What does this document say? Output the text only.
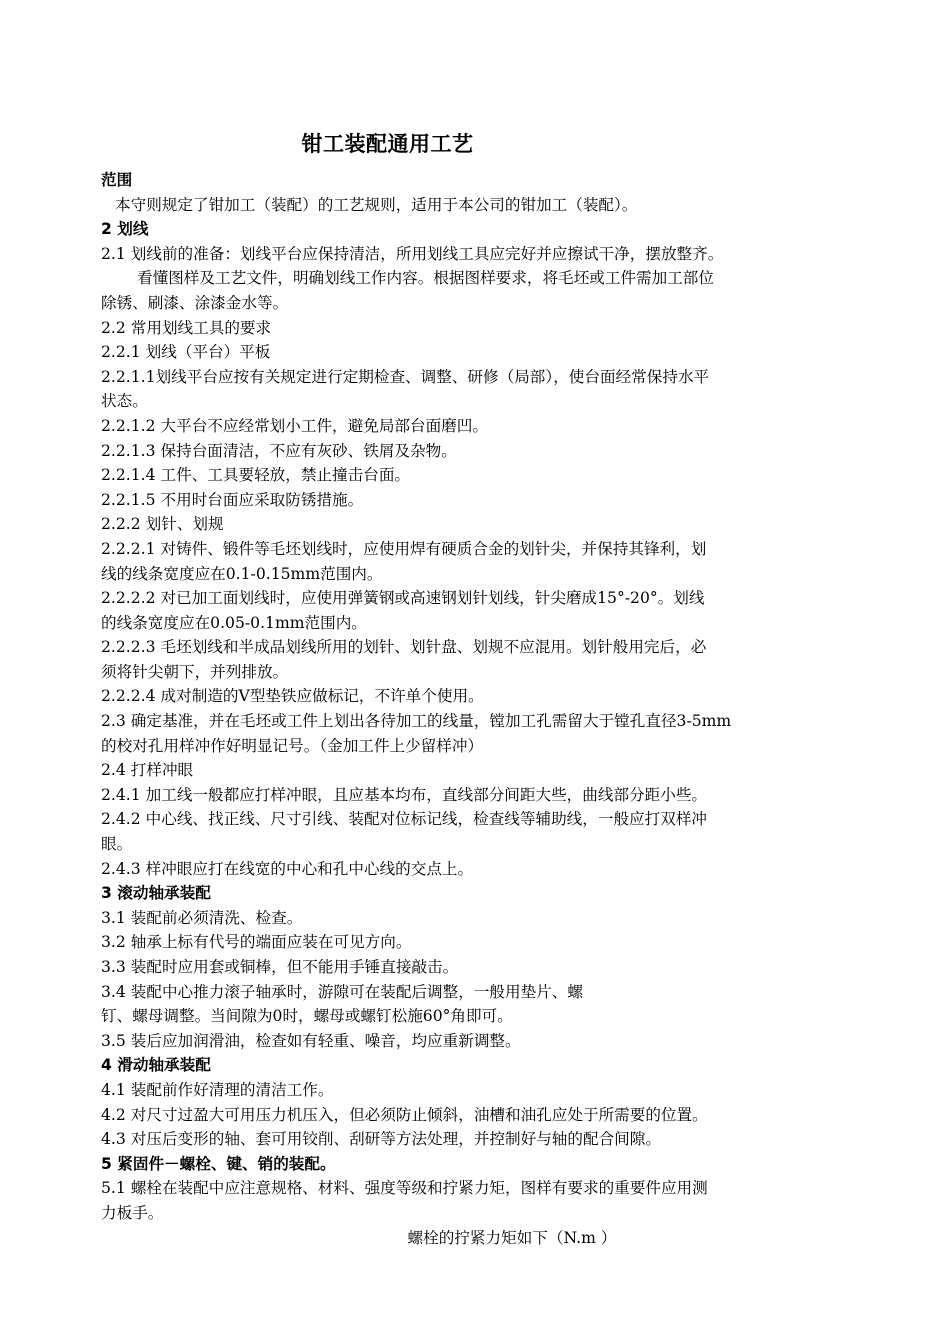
钳工装配通用工艺
范围
本守则规定了钳加工（装配）的工艺规则，适用于本公司的钳加工（装配）。
2 划线
2.1 划线前的准备：划线平台应保持清洁，所用划线工具应完好并应擦试干净，摆放整齐。
看懂图样及工艺文件，明确划线工作内容。根据图样要求，将毛坯或工件需加工部位
除锈、刷漆、涂漆金水等。
2.2 常用划线工具的要求
2.2.1 划线（平台）平板
2.2.1.1划线平台应按有关规定进行定期检查、调整、研修（局部），使台面经常保持水平
状态。
2.2.1.2 大平台不应经常划小工件，避免局部台面磨凹。
2.2.1.3 保持台面清洁，不应有灰砂、铁屑及杂物。
2.2.1.4 工件、工具要轻放，禁止撞击台面。
2.2.1.5 不用时台面应采取防锈措施。
2.2.2 划针、划规
2.2.2.1 对铸件、锻件等毛坯划线时，应使用焊有硬质合金的划针尖，并保持其锋利，划
线的线条宽度应在0.1-0.15mm范围内。
2.2.2.2 对已加工面划线时，应使用弹簧钢或高速钢划针划线，针尖磨成15°-20°。划线
的线条宽度应在0.05-0.1mm范围内。
2.2.2.3 毛坯划线和半成品划线所用的划针、划针盘、划规不应混用。划针般用完后，必
须将针尖朝下，并列排放。
2.2.2.4 成对制造的V型垫铁应做标记，不许单个使用。
2.3 确定基准，并在毛坯或工件上划出各待加工的线量，镗加工孔需留大于镗孔直径3-5mm
的校对孔用样冲作好明显记号。（金加工件上少留样冲）
2.4 打样冲眼
2.4.1 加工线一般都应打样冲眼，且应基本均布，直线部分间距大些，曲线部分距小些。
2.4.2 中心线、找正线、尺寸引线、装配对位标记线，检查线等辅助线，一般应打双样冲
眼。
2.4.3 样冲眼应打在线宽的中心和孔中心线的交点上。
3 滚动轴承装配
3.1 装配前必须清洗、检查。
3.2 轴承上标有代号的端面应装在可见方向。
3.3 装配时应用套或铜棒，但不能用手锤直接敲击。
3.4 装配中心推力滚子轴承时，游隙可在装配后调整，一般用垫片、螺
钉、螺母调整。当间隙为0时，螺母或螺钉松施60°角即可。
3.5 装后应加润滑油，检查如有轻重、噪音，均应重新调整。
4 滑动轴承装配
4.1 装配前作好清理的清洁工作。
4.2 对尺寸过盈大可用压力机压入，但必须防止倾斜，油槽和油孔应处于所需要的位置。
4.3 对压后变形的轴、套可用铰削、刮研等方法处理，并控制好与轴的配合间隙。
5 紧固件－螺栓、键、销的装配。
5.1 螺栓在装配中应注意规格、材料、强度等级和拧紧力矩，图样有要求的重要件应用测
力板手。
螺栓的拧紧力矩如下（N.m ）
